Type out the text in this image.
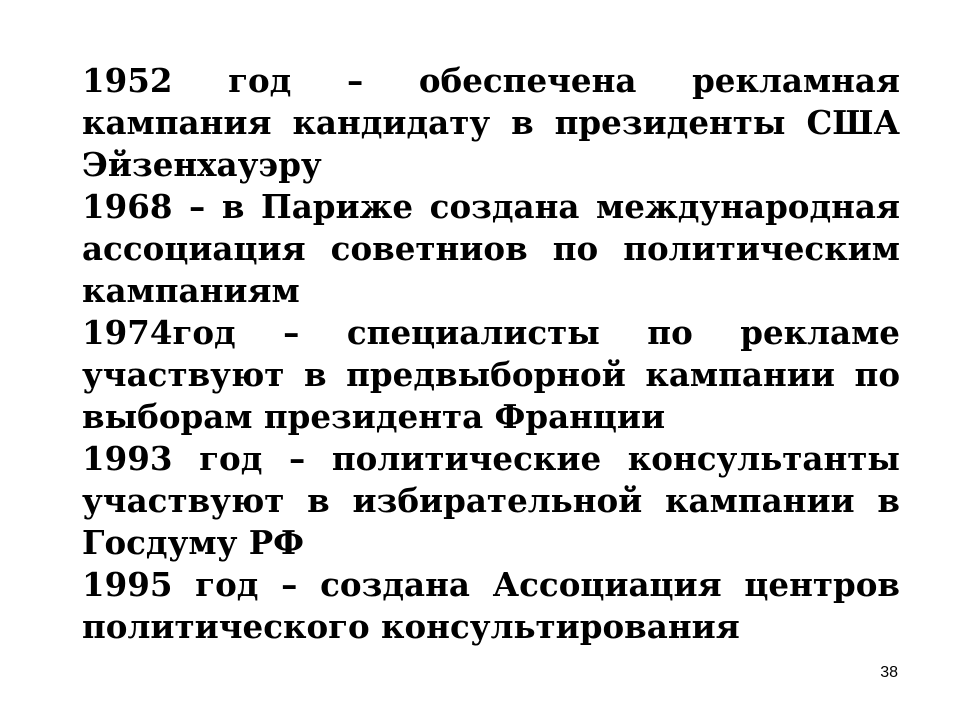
1952 год – обеспечена рекламная кампания кандидату в президенты США Эйзенхауэру

1968 – в Париже создана международная ассоциация советниов по политическим кампаниям

1974год – специалисты по рекламе участвуют в предвыборной кампании по выборам президента Франции

1993 год – политические консультанты участвуют в избирательной кампании в Госдуму РФ

1995 год – создана Ассоциация центров политического консультирования

38
